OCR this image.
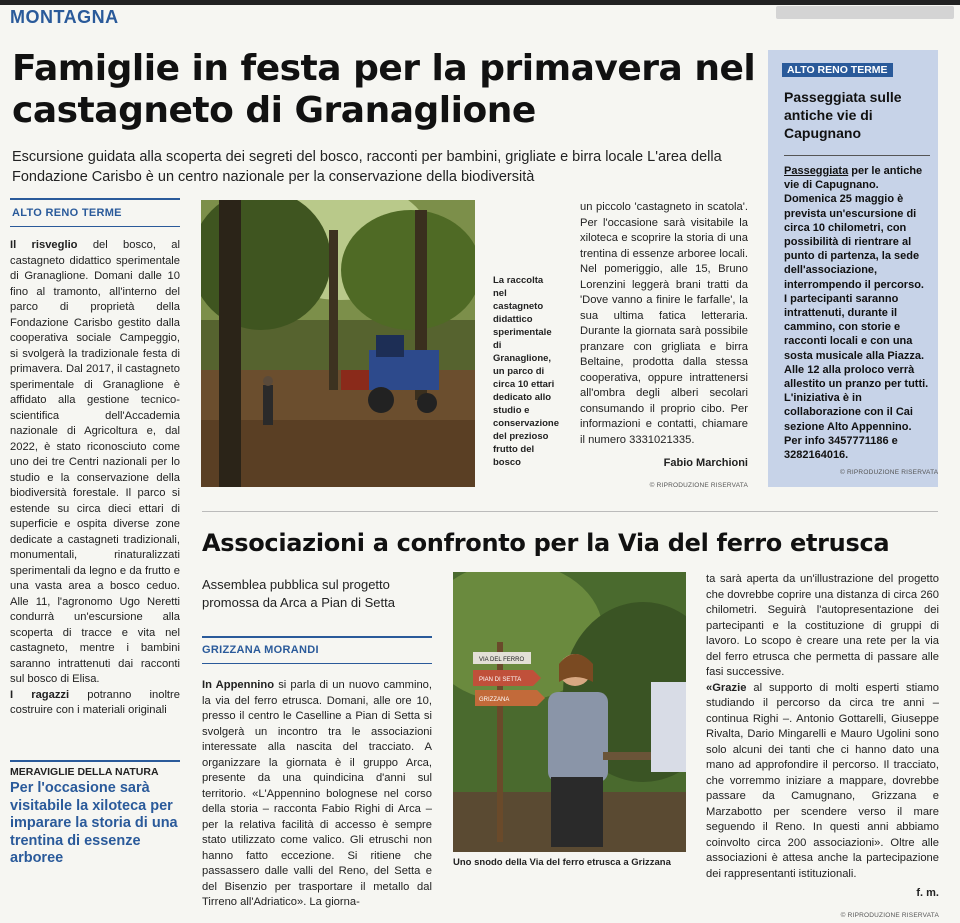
MONTAGNA
Famiglie in festa per la primavera nel castagneto di Granaglione
Escursione guidata alla scoperta dei segreti del bosco, racconti per bambini, grigliate e birra locale L'area della Fondazione Carisbo è un centro nazionale per la conservazione della biodiversità
ALTO RENO TERME

Il risveglio del bosco, al castagneto didattico sperimentale di Granaglione. Domani dalle 10 fino al tramonto, all'interno del parco di proprietà della Fondazione Carisbo gestito dalla cooperativa sociale Campeggio, si svolgerà la tradizionale festa di primavera. Dal 2017, il castagneto sperimentale di Granaglione è affidato alla gestione tecnico-scientifica dell'Accademia nazionale di Agricoltura e, dal 2022, è stato riconosciuto come uno dei tre Centri nazionali per lo studio e la conservazione della biodiversità forestale. Il parco si estende su circa dieci ettari di superficie e ospita diverse zone dedicate a castagneti tradizionali, monumentali, rinaturalizzati sperimentali da legno e da frutto e una vasta area a bosco ceduo. Alle 11, l'agronomo Ugo Neretti condurrà un'escursione alla scoperta di tracce e vita nel castagneto, mentre i bambini saranno intrattenuti dai racconti sul bosco di Elisa.

I ragazzi potranno inoltre costruire con i materiali originali

La raccolta nel castagneto didattico sperimentale di Granaglione, un parco di circa 10 ettari dedicato allo studio e conservazione del prezioso frutto del bosco
un piccolo 'castagneto in scatola'. Per l'occasione sarà visitabile la xiloteca e scoprire la storia di una trentina di essenze arboree locali. Nel pomeriggio, alle 15, Bruno Lorenzini leggerà brani tratti da 'Dove vanno a finire le farfalle', la sua ultima fatica letteraria. Durante la giornata sarà possibile pranzare con grigliata e birra Beltaine, prodotta dalla stessa cooperativa, oppure intrattenersi all'ombra degli alberi secolari consumando il proprio cibo. Per informazioni e contatti, chiamare il numero 3331021335.
Fabio Marchioni
© RIPRODUZIONE RISERVATA
ALTO RENO TERME
Passeggiata sulle antiche vie di Capugnano
Passeggiata per le antiche vie di Capugnano. Domenica 25 maggio è prevista un'escursione di circa 10 chilometri, con possibilità di rientrare al punto di partenza, la sede dell'associazione, interrompendo il percorso. I partecipanti saranno intrattenuti, durante il cammino, con storie e racconti locali e con una sosta musicale alla Piazza. Alle 12 alla proloco verrà allestito un pranzo per tutti. L'iniziativa è in collaborazione con il Cai sezione Alto Appennino. Per info 3457771186 e 3282164016.
© RIPRODUZIONE RISERVATA
MERAVIGLIE DELLA NATURA
Per l'occasione sarà visitabile la xiloteca per imparare la storia di una trentina di essenze arboree
Associazioni a confronto per la Via del ferro etrusca
Assemblea pubblica sul progetto promossa da Arca a Pian di Setta
GRIZZANA MORANDI
In Appennino si parla di un nuovo cammino, la via del ferro etrusca. Domani, alle ore 10, presso il centro le Caselline a Pian di Setta si svolgerà un incontro tra le associazioni interessate alla nascita del tracciato. A organizzare la giornata è il gruppo Arca, presente da una quindicina d'anni sul territorio. «L'Appennino bolognese nel corso della storia – racconta Fabio Righi di Arca – per la relativa facilità di accesso è sempre stato utilizzato come valico. Gli etruschi non hanno fatto eccezione. Si ritiene che passassero dalle valli del Reno, del Setta e del Bisenzio per trasportare il metallo dal Tirreno all'Adriatico». La giorna-
VIA DEL FERRO
PIAN DI SETTA
GRIZZANA
Uno snodo della Via del ferro etrusca a Grizzana
ta sarà aperta da un'illustrazione del progetto che dovrebbe coprire una distanza di circa 260 chilometri. Seguirà l'autopresentazione dei partecipanti e la costituzione di gruppi di lavoro. Lo scopo è creare una rete per la via del ferro etrusca che permetta di passare alle fasi successive.
«Grazie al supporto di molti esperti stiamo studiando il percorso da circa tre anni – continua Righi –. Antonio Gottarelli, Giuseppe Rivalta, Dario Mingarelli e Mauro Ugolini sono solo alcuni dei tanti che ci hanno dato una mano ad approfondire il percorso. Il tracciato, che vorremmo iniziare a mappare, dovrebbe passare da Camugnano, Grizzana e Marzabotto per scendere verso il mare seguendo il Reno. In questi anni abbiamo coinvolto circa 200 associazioni». Oltre alle associazioni è attesa anche la partecipazione dei rappresentanti istituzionali.
f. m.
© RIPRODUZIONE RISERVATA
